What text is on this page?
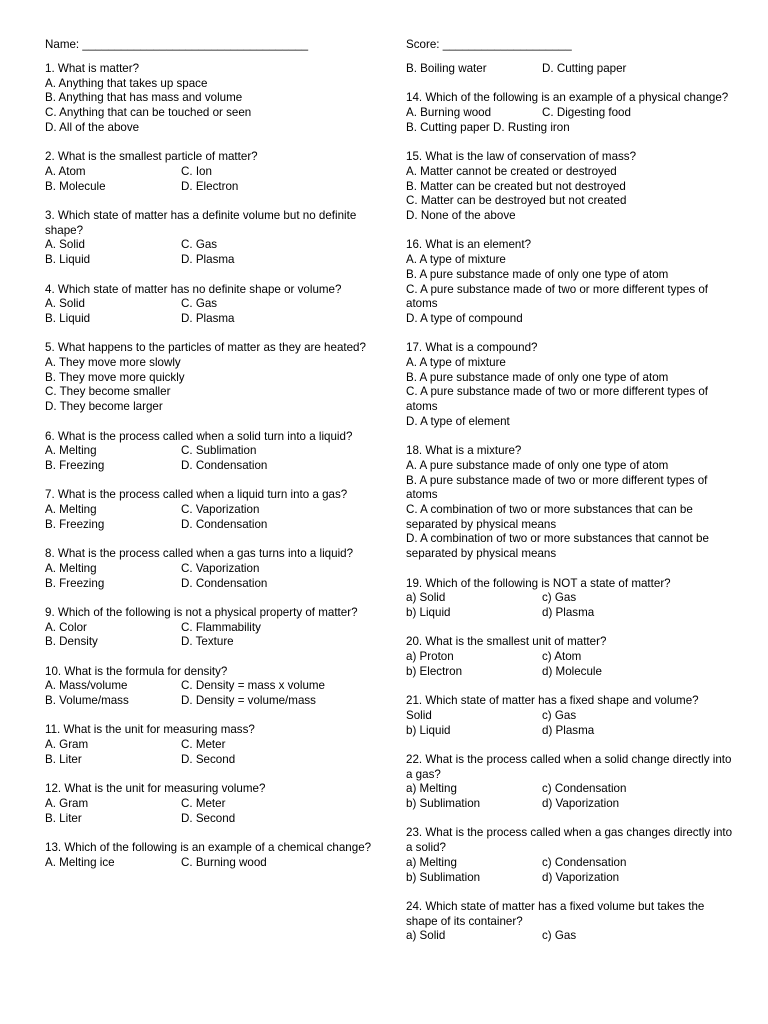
Name: ___________________________________
1. What is matter?
A. Anything that takes up space
B. Anything that has mass and volume
C. Anything that can be touched or seen
D. All of the above
2. What is the smallest particle of matter?
A. Atom	C. Ion
B. Molecule	D. Electron
3. Which state of matter has a definite volume but no definite shape?
A. Solid	C. Gas
B. Liquid	D. Plasma
4. Which state of matter has no definite shape or volume?
A. Solid	C. Gas
B. Liquid	D. Plasma
5. What happens to the particles of matter as they are heated?
A. They move more slowly
B. They move more quickly
C. They become smaller
D. They become larger
6. What is the process called when a solid turn into a liquid?
A. Melting	C. Sublimation
B. Freezing	D. Condensation
7. What is the process called when a liquid turn into a gas?
A. Melting	C. Vaporization
B. Freezing	D. Condensation
8. What is the process called when a gas turns into a liquid?
A. Melting	C. Vaporization
B. Freezing	D. Condensation
9. Which of the following is not a physical property of matter?
A. Color	C. Flammability
B. Density	D. Texture
10. What is the formula for density?
A. Mass/volume	C. Density = mass x volume
B. Volume/mass	D. Density = volume/mass
11. What is the unit for measuring mass?
A. Gram	C. Meter
B. Liter	D. Second
12. What is the unit for measuring volume?
A. Gram	C. Meter
B. Liter	D. Second
13. Which of the following is an example of a chemical change?
A. Melting ice	C. Burning wood
Score: ____________________
B. Boiling water	D. Cutting paper
14. Which of the following is an example of a physical change?
A. Burning wood	C. Digesting food
B. Cutting paper D. Rusting iron
15. What is the law of conservation of mass?
A. Matter cannot be created or destroyed
B. Matter can be created but not destroyed
C. Matter can be destroyed but not created
D. None of the above
16. What is an element?
A. A type of mixture
B. A pure substance made of only one type of atom
C. A pure substance made of two or more different types of atoms
D. A type of compound
17. What is a compound?
A. A type of mixture
B. A pure substance made of only one type of atom
C. A pure substance made of two or more different types of atoms
D. A type of element
18. What is a mixture?
A. A pure substance made of only one type of atom
B. A pure substance made of two or more different types of atoms
C. A combination of two or more substances that can be separated by physical means
D. A combination of two or more substances that cannot be separated by physical means
19. Which of the following is NOT a state of matter?
a) Solid	c) Gas
b) Liquid	d) Plasma
20. What is the smallest unit of matter?
a) Proton	c) Atom
b) Electron	d) Molecule
21. Which state of matter has a fixed shape and volume?
Solid	c) Gas
b) Liquid	d) Plasma
22. What is the process called when a solid change directly into a gas?
a) Melting	c) Condensation
b) Sublimation	d) Vaporization
23. What is the process called when a gas changes directly into a solid?
a) Melting	c) Condensation
b) Sublimation	d) Vaporization
24. Which state of matter has a fixed volume but takes the shape of its container?
a) Solid	c) Gas
